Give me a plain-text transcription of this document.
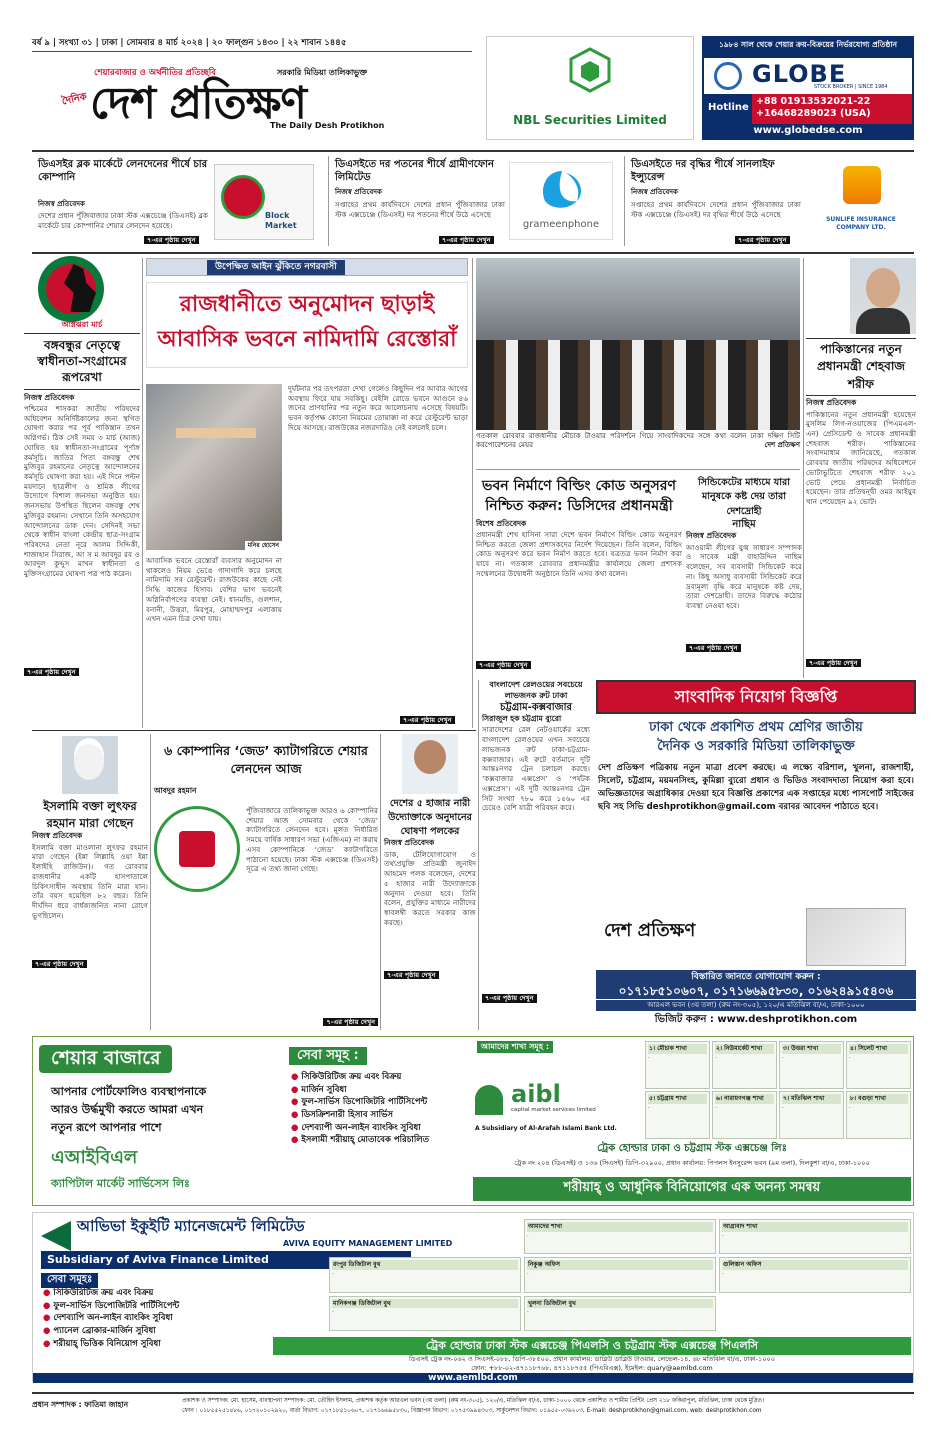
বর্ষ ৯ | সংখ্যা ৩১ | ঢাকা | সোমবার ৪ মার্চ ২০২৪ | ২০ ফাল্গুন ১৪৩০ | ২২ শাবান ১৪৪৫
শেয়ারবাজার ও অর্থনীতির প্রতিচ্ছবি	সরকারি মিডিয়া তালিকাভুক্ত
দৈনিক দেশ প্রতিক্ষণ
The Daily Desh Protikhon	NBL Securities Limited
১৯৮৪ সাল থেকে শেয়ার ক্রয়-বিক্রয়ের নির্ভরযোগ্য প্রতিষ্ঠান
GLOBE
STOCK BROKER | SINCE 1984
Hotline
+88 01913532021-22
+16468289023 (USA)
www.globedse.com
ডিএসইর ব্লক মার্কেটে লেনদেনের শীর্ষে চার কোম্পানি
নিজস্ব প্রতিবেদক
দেশের প্রধান পুঁজিবাজার ঢাকা স্টক এক্সচেঞ্জে (ডিএসই) ব্লক মার্কেটে চার কোম্পানির শেয়ার লেনদেন হয়েছে।
Block Market
৭-এর পৃষ্ঠায় দেখুন
ডিএসইতে দর পতনের শীর্ষে গ্রামীণফোন লিমিটেড
নিজস্ব প্রতিবেদক
সপ্তাহের প্রথম কার্যদিবসে দেশের প্রধান পুঁজিবাজার ঢাকা স্টক এক্সচেঞ্জে (ডিএসই) দর পতনের শীর্ষে উঠে এসেছে
grameenphone
৭-এর পৃষ্ঠায় দেখুন
ডিএসইতে দর বৃদ্ধির শীর্ষে সানলাইফ ইন্স্যুরেন্স
নিজস্ব প্রতিবেদক
সপ্তাহের প্রথম কার্যদিবসে দেশের প্রধান পুঁজিবাজার ঢাকা স্টক এক্সচেঞ্জে (ডিএসই) দর বৃদ্ধির শীর্ষে উঠে এসেছে
SUNLIFE INSURANCE COMPANY LTD.
৭-এর পৃষ্ঠায় দেখুন
অগ্নিঝরা মার্চ
বঙ্গবন্ধুর নেতৃত্বে স্বাধীনতা-সংগ্রামের রূপরেখা
নিজস্ব প্রতিবেদক
পশ্চিমের শাসকরা জাতীয় পরিষদের অধিবেশন অনির্দিষ্টকালের জন্য স্থগিত ঘোষণা করার পর পূর্ব পাকিস্তান তখন অগ্নিগর্ভ। ঠিক সেই সময় ৩ মার্চ (আজ) ঘোষিত হয় স্বাধীনতা-সংগ্রামের পূর্ণাঙ্গ কর্মসূচি। জাতির পিতা বঙ্গবন্ধু শেখ মুজিবুর রহমানের নেতৃত্বে আন্দোলনের কর্মসূচি ঘোষণা করা হয়। এই দিনে পল্টন ময়দানে ছাত্রলীগ ও শ্রমিক লীগের উদ্যোগে বিশাল জনসভা অনুষ্ঠিত হয়। জনসভায় উপস্থিত ছিলেন বঙ্গবন্ধু শেখ মুজিবুর রহমান। সেখানে তিনি অসহযোগ আন্দোলনের ডাক দেন। সেদিনই সভা থেকে স্বাধীন বাংলা কেন্দ্রীয় ছাত্র-সংগ্রাম পরিষদের নেতা নূরে আলম সিদ্দিকী, শাজাহান সিরাজ, আ স ম আবদুর রব ও আবদুল কুদ্দুস মাখন স্বাধীনতা ও মুক্তিসংগ্রামের ঘোষণা পত্র পাঠ করেন।
৭-এর পৃষ্ঠায় দেখুন
উপেক্ষিত আইন ঝুঁকিতে নগরবাসী
রাজধানীতে অনুমোদন ছাড়াই আবাসিক ভবনে নামিদামি রেস্তোরাঁ
মনির হোসেন
আবাসিক ভবনে রেস্তোরাঁ ব্যবসার অনুমোদন না থাকলেও নিয়ম ভেঙে গাদাগাদি করে চলছে নামিদামি সব রেস্টুরেন্ট। রাজউকের কাছে নেই সিদ্ধি কাজের হিসাব। বেশির ভাগ ভবনেই অগ্নিনির্বাপণের ব্যবস্থা নেই। ধানমন্ডি, গুলশান, বনানী, উত্তরা, মিরপুর, মোহাম্মদপুর এলাকায় এখন এমন চিত্র দেখা যায়।
দুর্ঘটনার পর তৎপরতা দেখা গেলেও কিছুদিন পর আবার আগের অবস্থায় ফিরে যায় সবকিছু। বেইলি রোডে ভবনে আগুনে ৪৬ জনের প্রাণহানির পর নতুন করে আলোচনায় এসেছে বিষয়টি। ভবন কর্তৃপক্ষ কোনো নিয়মের তোয়াক্কা না করে রেস্টুরেন্ট ভাড়া দিয়ে আসছে। রাজউকের নজরদারিও নেই বললেই চলে।
৭-এর পৃষ্ঠায় দেখুন
গতকাল রোববার রাজধানীর মৌচাক টাওয়ার পরিদর্শনে গিয়ে সাংবাদিকদের সঙ্গে কথা বলেন ঢাকা দক্ষিণ সিটি করপোরেশনের মেয়র	দেশ প্রতিক্ষণ
পাকিস্তানের নতুন প্রধানমন্ত্রী শেহবাজ শরীফ
নিজস্ব প্রতিবেদক
পাকিস্তানের নতুন প্রধানমন্ত্রী হয়েছেন মুসলিম লিগ-নওয়াজের (পিএমএল-এন) প্রেসিডেন্ট ও সাবেক প্রধানমন্ত্রী শেহবাজ শরীফ। পাকিস্তানের সংবাদমাধ্যম জানিয়েছে, গতকাল রোববার জাতীয় পরিষদের অধিবেশনে ভোটাভুটিতে শেহবাজ শরীফ ২০১ ভোট পেয়ে প্রধানমন্ত্রী নির্বাচিত হয়েছেন। তার প্রতিদ্বন্দ্বী ওমর আইয়ুব খান পেয়েছেন ৯২ ভোট।
৭-এর পৃষ্ঠায় দেখুন
ভবন নির্মাণে বিল্ডিং কোড অনুসরণ নিশ্চিত করুন: ডিসিদের প্রধানমন্ত্রী
বিশেষ প্রতিবেদক
প্রধানমন্ত্রী শেখ হাসিনা সারা দেশে ভবন নির্মাণে বিল্ডিং কোড অনুসরণ নিশ্চিত করতে জেলা প্রশাসকদের নির্দেশ দিয়েছেন। তিনি বলেন, বিল্ডিং কোড অনুসরণ করে ভবন নির্মাণ করতে হবে। যত্রতত্র ভবন নির্মাণ করা যাবে না। গতকাল রোববার প্রধানমন্ত্রীর কার্যালয়ে জেলা প্রশাসক সম্মেলনের উদ্বোধনী অনুষ্ঠানে তিনি এসব কথা বলেন।
৭-এর পৃষ্ঠায় দেখুন
সিন্ডিকেটের মাধ্যমে যারা মানুষকে কষ্ট দেয় তারা দেশদ্রোহী
নাছিম
নিজস্ব প্রতিবেদক
আওয়ামী লীগের যুগ্ম সাধারণ সম্পাদক ও সাবেক মন্ত্রী বাহাউদ্দিন নাছিম বলেছেন, সব ব্যবসায়ী সিন্ডিকেট করে না। কিছু অসাধু ব্যবসায়ী সিন্ডিকেট করে দ্রব্যমূল্য বৃদ্ধি করে মানুষকে কষ্ট দেয়, তারা দেশদ্রোহী। তাদের বিরুদ্ধে কঠোর ব্যবস্থা নেওয়া হবে।
৭-এর পৃষ্ঠায় দেখুন
ইসলামি বক্তা লুৎফর রহমান মারা গেছেন
নিজস্ব প্রতিবেদক
ইসলামি বক্তা মাওলানা লুৎফর রহমান মারা গেছেন (ইন্না লিল্লাহি ওয়া ইন্না ইলাইহি রাজিউন)। গত রোববার রাজধানীর একটি হাসপাতালে চিকিৎসাধীন অবস্থায় তিনি মারা যান। তাঁর বয়স হয়েছিল ৮২ বছর। তিনি দীর্ঘদিন ধরে বার্ধক্যজনিত নানা রোগে ভুগছিলেন।
৭-এর পৃষ্ঠায় দেখুন
৬ কোম্পানির ‘জেড’ ক্যাটাগরিতে শেয়ার লেনদেন আজ
আবদুর রহমান
পুঁজিবাজারে তালিকাভুক্ত আরও ৬ কোম্পানির শেয়ার আজ সোমবার থেকে ‘জেড’ ক্যাটাগরিতে লেনদেন হবে। মূলত নির্ধারিত সময়ে বার্ষিক সাধারণ সভা (এজিএম) না করায় এসব কোম্পানিকে ‘জেড’ ক্যাটাগরিতে পাঠানো হয়েছে। ঢাকা স্টক এক্সচেঞ্জ (ডিএসই) সূত্রে এ তথ্য জানা গেছে।
৭-এর পৃষ্ঠায় দেখুন
দেশের ৫ হাজার নারী উদ্যোক্তাকে অনুদানের ঘোষণা পলকের
নিজস্ব প্রতিবেদক
ডাক, টেলিযোগাযোগ ও তথ্যপ্রযুক্তি প্রতিমন্ত্রী জুনাইদ আহমেদ পলক বলেছেন, দেশের ৫ হাজার নারী উদ্যোক্তাকে অনুদান দেওয়া হবে। তিনি বলেন, প্রযুক্তির মাধ্যমে নারীদের স্বাবলম্বী করতে সরকার কাজ করছে।
৭-এর পৃষ্ঠায় দেখুন
বাংলাদেশ রেলওয়ের সবচেয়ে লাভজনক রুট ঢাকা
চট্টগ্রাম-কক্সবাজার
সিরাজুল হক চট্টগ্রাম ব্যুরো
সারাদেশের রেল নেটওয়ার্কের মধ্যে বাংলাদেশ রেলওয়ের এখন সবচেয়ে লাভজনক রুট ঢাকা-চট্টগ্রাম-কক্সবাজার। এই রুটে বর্তমানে দুটি আন্তঃনগর ট্রেন চলাচল করছে। ‘কক্সবাজার এক্সপ্রেস’ ও ‘পর্যটক এক্সপ্রেস’। এই দুটি আন্তঃনগর ট্রেন সিট সংখ্যা ৭৮০ করে ১৫৬০ এর চেয়েও বেশি যাত্রী পরিবহন করে।
৭-এর পৃষ্ঠায় দেখুন
সাংবাদিক নিয়োগ বিজ্ঞপ্তি
ঢাকা থেকে প্রকাশিত প্রথম শ্রেণির জাতীয়
দৈনিক ও সরকারি মিডিয়া তালিকাভুক্ত
দেশ প্রতিক্ষণ পত্রিকায় নতুন মাত্রা প্রবেশ করছে। এ লক্ষ্যে বরিশাল, খুলনা, রাজশাহী, সিলেট, চট্টগ্রাম, ময়মনসিংহ, কুমিল্লা ব্যুরো প্রধান ও ভিডিও সংবাদদাতা নিয়োগ করা হবে। অভিজ্ঞতাদের অগ্রাধিকার দেওয়া হবে বিজ্ঞপ্তি প্রকাশের এক সপ্তাহের মধ্যে পাসপোর্ট সাইজের ছবি সহ সিভি deshprotikhon@gmail.com বরাবর আবেদন পাঠাতে হবে।
দেশ প্রতিক্ষণ
বিস্তারিত জানতে যোগাযোগ করুন :
০১৭১৮৫১০৬০৭, ০১৭১৬৬৯৫৮৩০, ০১৬২৪৯১৫৪০৬
আরএল ভবন (৩য় তলা) (রুম নং-৩০৫), ১২০/এ মতিঝিল বা/এ, ঢাকা-১০০০
ভিজিট করুন : www.deshprotikhon.com
শেয়ার বাজারে
আপনার পোর্টফোলিও ব্যবস্থাপনাকে
আরও উর্দ্ধমুখী করতে আমরা এখন
নতুন রূপে আপনার পাশে
এআইবিএল
ক্যাপিটাল মার্কেট সার্ভিসেস লিঃ
সেবা সমূহ :
● সিকিউরিটিজ ক্রয় এবং বিক্রয়
● মার্জিন সুবিধা
● ফুল-সার্ভিস ডিপোজিটরি পার্টিসিপেন্ট
● ডিসক্রিশনারী হিসাব সার্ভিস
● দেশব্যাপী অন-লাইন ব্যাংকিং সুবিধা
● ইসলামী শরীয়াহ্ মোতাবেক পরিচালিত
আমাদের শাখা সমূহ :
aibl
capital market services limited
A Subsidiary of Al-Arafah Islami Bank Ltd.
১। মৌচাক শাখা
.
২। নিউমার্কেট শাখা
.
৩। উত্তরা শাখা
.
৪। সিলেট শাখা
.
৫। চট্টগ্রাম শাখা
.
৬। নারায়ণগঞ্জ শাখা
.
৭। মতিঝিল শাখা
.
৮। বগুড়া শাখা
.
ট্রেক হোল্ডার ঢাকা ও চট্টগ্রাম স্টক এক্সচেঞ্জ লিঃ
ট্রেক নং ২০৪ (ডিএসই) ও ১৩৬ (সিএসই) ডিপি-৩২৯০০, প্রধান কার্যালয়: পিপলস ইনসুরেন্স ভবন (৯ম তলা), দিলকুশা বা/এ, ঢাকা-১০০০
শরীয়াহ্ ও আধুনিক বিনিয়োগের এক অনন্য সমন্বয়
আভিভা ইকুইটি ম্যানেজমেন্ট লিমিটেড
AVIVA EQUITY MANAGEMENT LIMITED
Subsidiary of Aviva Finance Limited
সেবা সমূহঃ
● সিকিউরিটিজ ক্রয় এবং বিক্রয়
● ফুল-সার্ভিস ডিপোজিটরি পার্টিসিপেন্ট
● দেশব্যাপি অন-লাইন ব্যাংকিং সুবিধা
● প্যানেল ব্রোকার-মার্জিন সুবিধা
● শরীয়াহ্ ভিত্তিক বিনিয়োগ সুবিধা
আমাদের শাখা
.
আগ্রাবাদ শাখা
.
রংপুর ডিজিটাল বুথ
.
নিকুঞ্জ অফিস
.
গুলিস্তান অফিস
.
মানিকগঞ্জ ডিজিটাল বুথ
.
খুলনা ডিজিটাল বুথ
.
ট্রেক হোল্ডার ঢাকা স্টক এক্সচেঞ্জ পিএলসি ও চট্টগ্রাম স্টক এক্সচেঞ্জ পিএলসি
ডিএসই ট্রেক নং-০৬২ ও সিএসই-০৮৮, ডিপি-৩৮৫০০, প্রধান কার্যালয়: ডাব্লিউ ডাব্লিউ টাওয়ার, লেভেল-১৪, ৬৮ মতিঝিল বা/এ, ঢাকা-১০০০
ফোন: +৮৮-০২-৪৭১১৮৭৬৮, ৪৭১১৮৭৫৫ (পিএবিএক্স), ইমেইল: quary@aemlbd.com
www.aemlbd.com
প্রধান সম্পাদক : ফাতিমা জাহান	প্রকাশক ও সম্পাদক: মো. হাসেম, ব্যবস্থাপনা সম্পাদক: মো. তৌহিদ ইসলাম, প্রকাশক কর্তৃক আরএল ভবন (৩য় তলা) (রুম নং-৩০৫), ১২০/এ, মতিঝিল বা/এ, ঢাকা-১০০০ থেকে প্রকাশিত ও শামীম প্রিন্টিং প্রেস ২১৮ ফকিরাপুল, মতিঝিল, ঢাকা থেকে মুদ্রিত।
ফোন : ০১৮৫৫২৫১৪৮৬, ০১৭২০১০২৯২০, বার্তা বিভাগ: ০১৭১৮৫১০৬০৭, ০১৭১৬৬৯৫৮৩০, বিজ্ঞাপন বিভাগ: ০১৭৫৩৯৯৪৩০৩, সার্কুলেশন বিভাগ: ০১৯৫৫-০৩৯২০৩, E-mail: deshprotikhon@gmail.com, web: deshprotikhon.com
